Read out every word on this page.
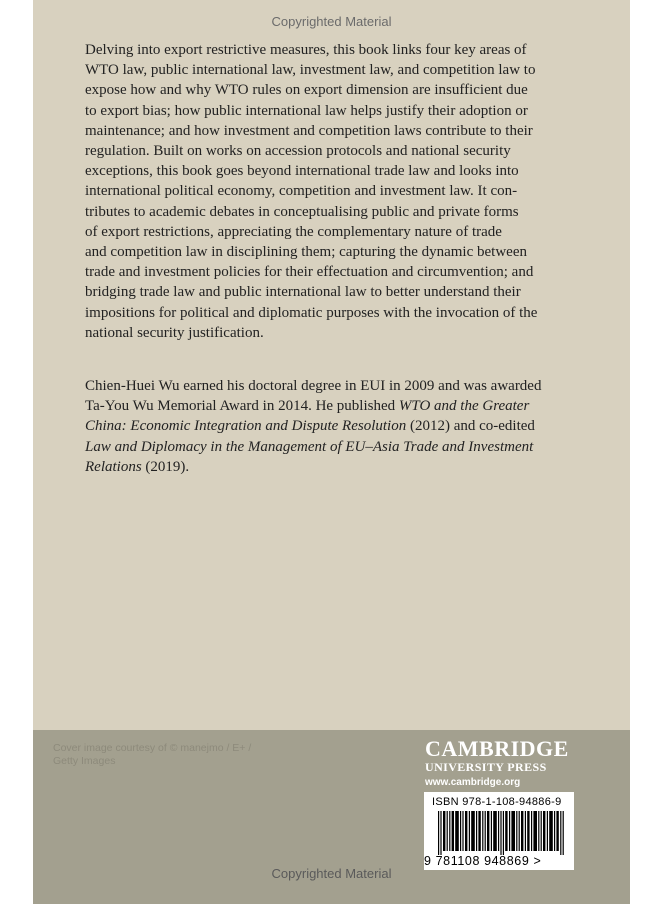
Copyrighted Material
Delving into export restrictive measures, this book links four key areas of
WTO law, public international law, investment law, and competition law to
expose how and why WTO rules on export dimension are insufficient due
to export bias; how public international law helps justify their adoption or
maintenance; and how investment and competition laws contribute to their
regulation. Built on works on accession protocols and national security
exceptions, this book goes beyond international trade law and looks into
international political economy, competition and investment law. It con-
tributes to academic debates in conceptualising public and private forms
of export restrictions, appreciating the complementary nature of trade
and competition law in disciplining them; capturing the dynamic between
trade and investment policies for their effectuation and circumvention; and
bridging trade law and public international law to better understand their
impositions for political and diplomatic purposes with the invocation of the
national security justification.
Chien-Huei Wu earned his doctoral degree in EUI in 2009 and was awarded
Ta-You Wu Memorial Award in 2014. He published WTO and the Greater
China: Economic Integration and Dispute Resolution (2012) and co-edited
Law and Diplomacy in the Management of EU–Asia Trade and Investment
Relations (2019).
Cover image courtesy of © manejmo / E+ /
Getty Images	CAMBRIDGE
UNIVERSITY PRESS
www.cambridge.org
ISBN 978-1-108-94886-9
9 781108 948869 >
Copyrighted Material
